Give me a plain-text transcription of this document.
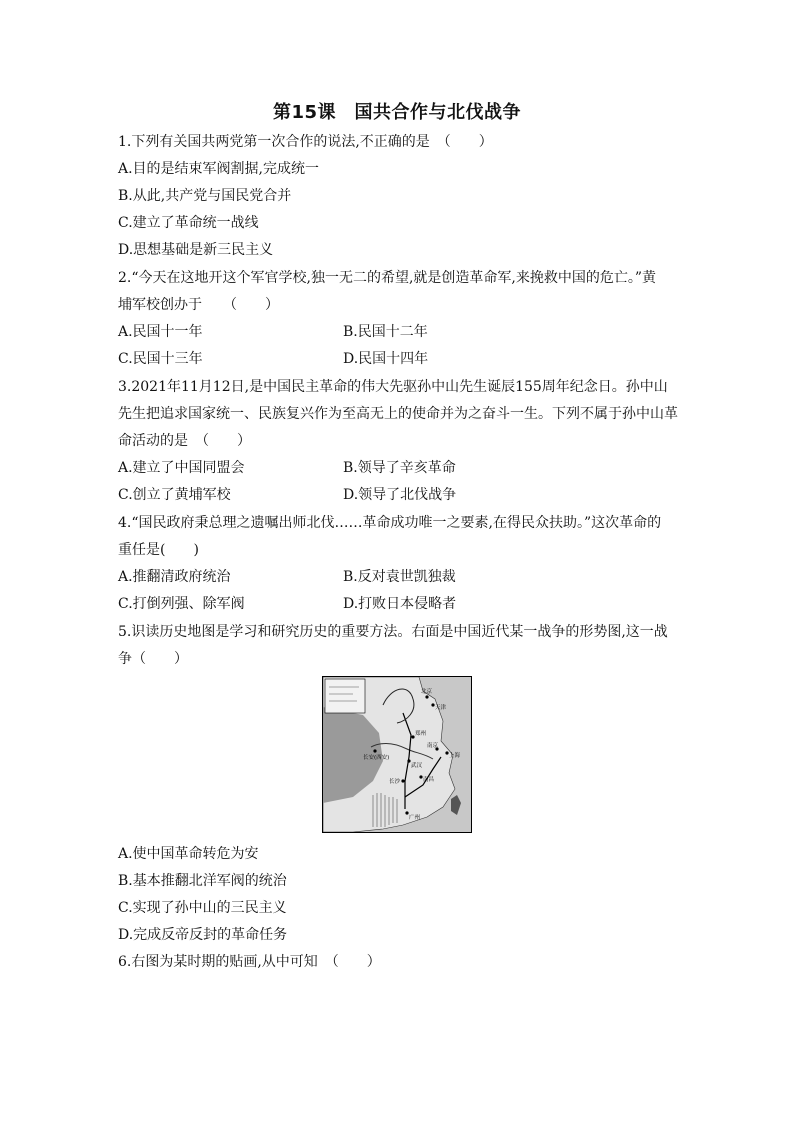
第15课　国共合作与北伐战争
1.下列有关国共两党第一次合作的说法,不正确的是　（　　）
A.目的是结束军阀割据,完成统一
B.从此,共产党与国民党合并
C.建立了革命统一战线
D.思想基础是新三民主义
2.“今天在这地开这个军官学校,独一无二的希望,就是创造革命军,来挽救中国的危亡。”黄
埔军校创办于　　（　　）
A.民国十一年	B.民国十二年
C.民国十三年	D.民国十四年
3.2021年11月12日,是中国民主革命的伟大先驱孙中山先生诞辰155周年纪念日。孙中山
先生把追求国家统一、民族复兴作为至高无上的使命并为之奋斗一生。下列不属于孙中山革
命活动的是　（　　）
A.建立了中国同盟会	B.领导了辛亥革命
C.创立了黄埔军校	D.领导了北伐战争
4.“国民政府秉总理之遗嘱出师北伐……革命成功唯一之要素,在得民众扶助。”这次革命的
重任是(　　)
A.推翻清政府统治	B.反对袁世凯独裁
C.打倒列强、除军阀	D.打败日本侵略者
5.识读历史地图是学习和研究历史的重要方法。右面是中国近代某一战争的形势图,这一战
争（　　）
北京
天津
长安(西安)
郑州
武汉
南京
上海
长沙	南昌
广州
A.使中国革命转危为安
B.基本推翻北洋军阀的统治
C.实现了孙中山的三民主义
D.完成反帝反封的革命任务
6.右图为某时期的贴画,从中可知　（　　）
